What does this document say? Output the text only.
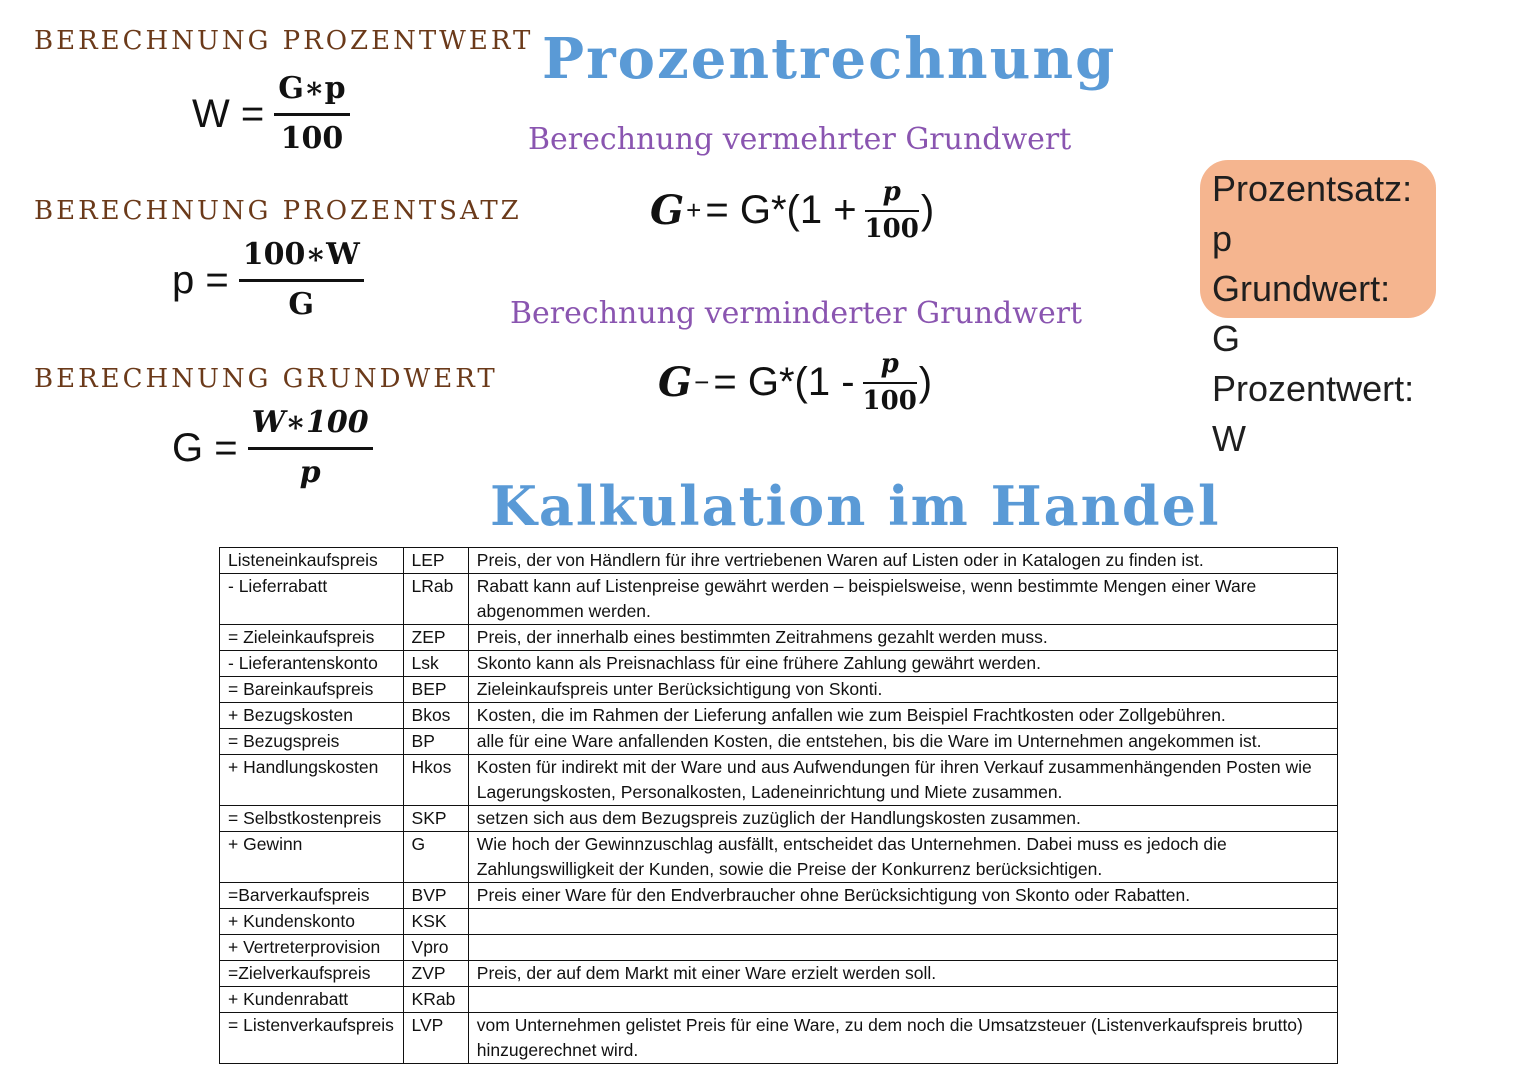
BERECHNUNG PROZENTWERT
$W = \frac{G∗p}{100}$
BERECHNUNG PROZENTSATZ
$p = \frac{100∗W}{G}$
BERECHNUNG GRUNDWERT
$G = \frac{W∗100}{p}$
Prozentrechnung
Berechnung vermehrter Grundwert
G + = $G*(1 + \frac{p}{100}$ )
Berechnung verminderter Grundwert
G − = $G*(1 - \frac{p}{100}$ )
Prozentsatz: p
Grundwert: G
Prozentwert: W
Kalkulation im Handel
Listeneinkaufspreis	LEP	Preis, der von Händlern für ihre vertriebenen Waren auf Listen oder in Katalogen zu finden ist.
- Lieferrabatt	LRab	Rabatt kann auf Listenpreise gewährt werden – beispielsweise, wenn bestimmte Mengen einer Ware abgenommen werden.
= Zieleinkaufspreis	ZEP	Preis, der innerhalb eines bestimmten Zeitrahmens gezahlt werden muss.
- Lieferantenskonto	Lsk	Skonto kann als Preisnachlass für eine frühere Zahlung gewährt werden.
= Bareinkaufspreis	BEP	Zieleinkaufspreis unter Berücksichtigung von Skonti.
+ Bezugskosten	Bkos	Kosten, die im Rahmen der Lieferung anfallen wie zum Beispiel Frachtkosten oder Zollgebühren.
= Bezugspreis	BP	alle für eine Ware anfallenden Kosten, die entstehen, bis die Ware im Unternehmen angekommen ist.
+ Handlungskosten	Hkos	Kosten für indirekt mit der Ware und aus Aufwendungen für ihren Verkauf zusammenhängenden Posten wie Lagerungskosten, Personalkosten, Ladeneinrichtung und Miete zusammen.
= Selbstkostenpreis	SKP	setzen sich aus dem Bezugspreis zuzüglich der Handlungskosten zusammen.
+ Gewinn	G	Wie hoch der Gewinnzuschlag ausfällt, entscheidet das Unternehmen. Dabei muss es jedoch die Zahlungswilligkeit der Kunden, sowie die Preise der Konkurrenz berücksichtigen.
=Barverkaufspreis	BVP	Preis einer Ware für den Endverbraucher ohne Berücksichtigung von Skonto oder Rabatten.
+ Kundenskonto	KSK	
+ Vertreterprovision	Vpro	
=Zielverkaufspreis	ZVP	Preis, der auf dem Markt mit einer Ware erzielt werden soll.
+ Kundenrabatt	KRab	
= Listenverkaufspreis	LVP	vom Unternehmen gelistet Preis für eine Ware, zu dem noch die Umsatzsteuer (Listenverkaufspreis brutto) hinzugerechnet wird.
